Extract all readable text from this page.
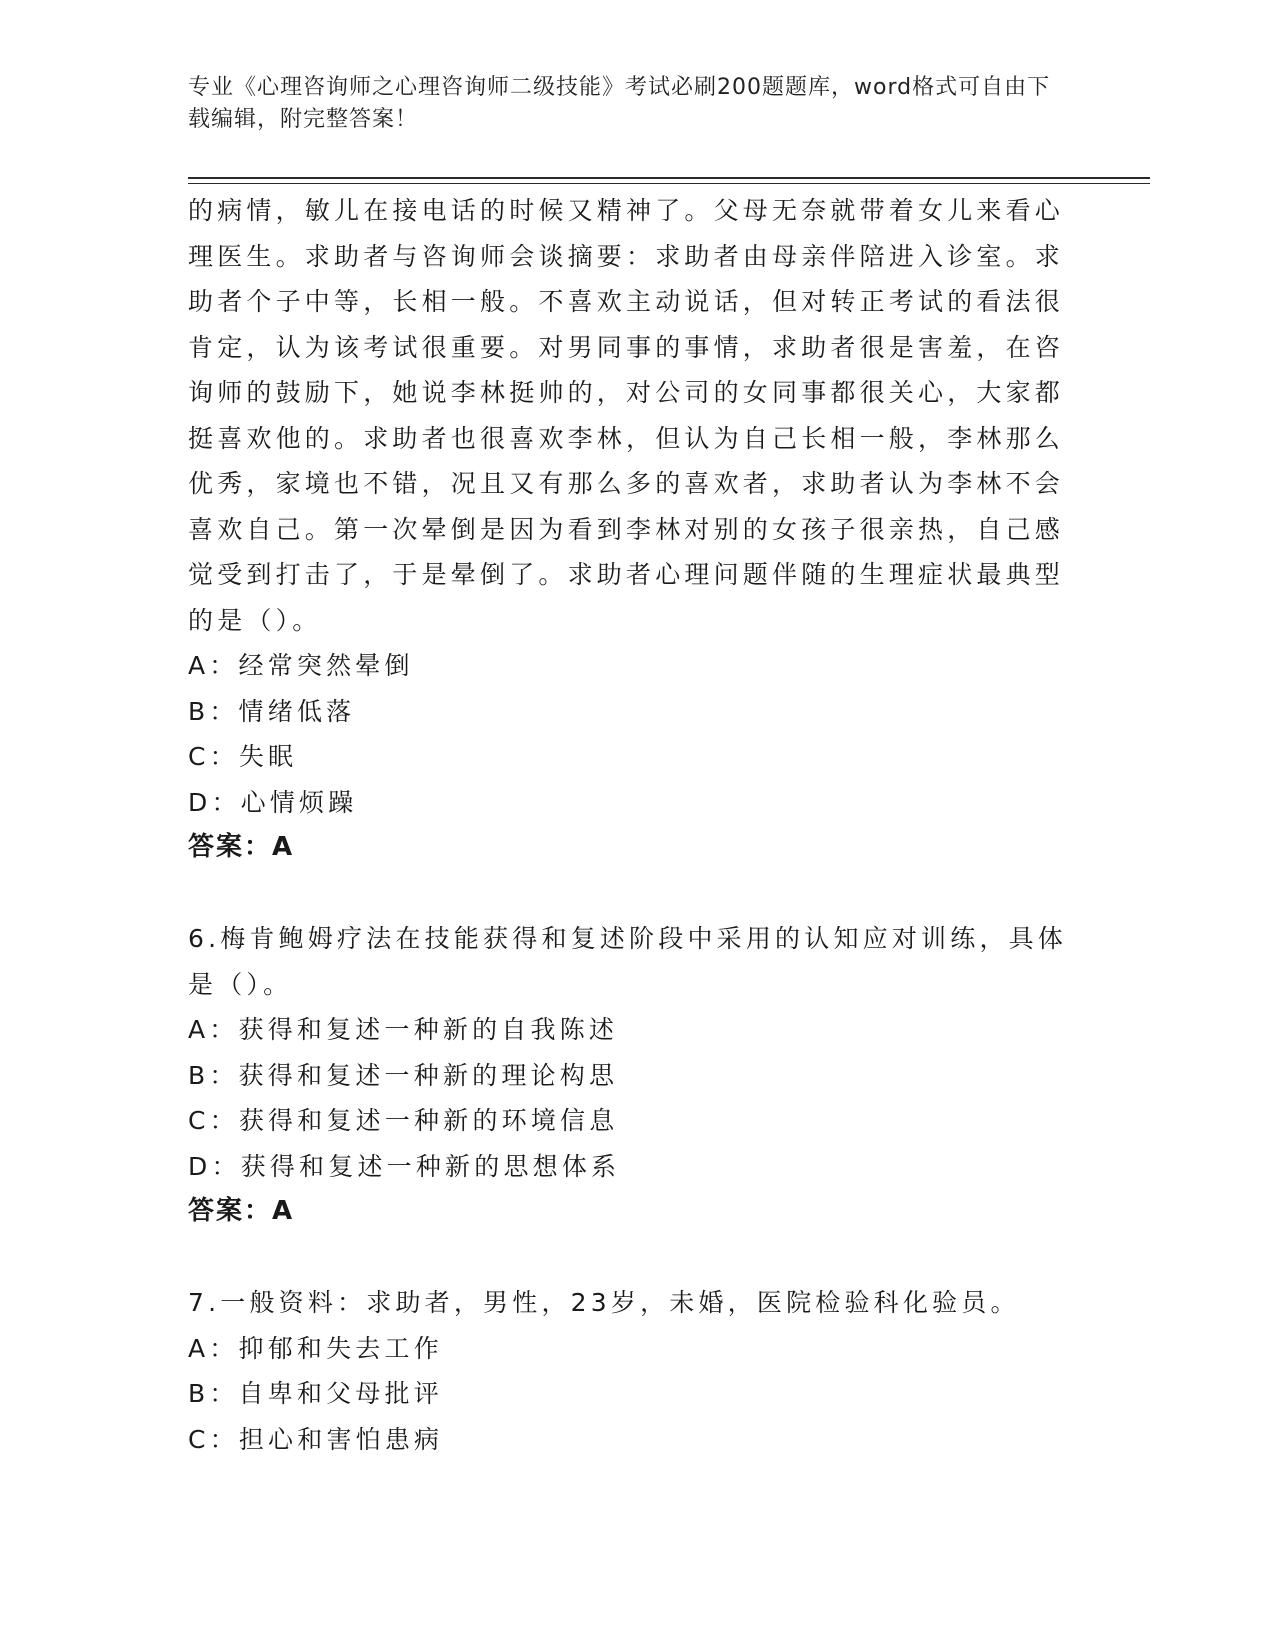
专业《心理咨询师之心理咨询师二级技能》考试必刷200题题库，word格式可自由下载编辑，附完整答案！

的病情，敏儿在接电话的时候又精神了。父母无奈就带着女儿来看心理医生。求助者与咨询师会谈摘要：求助者由母亲伴陪进入诊室。求助者个子中等，长相一般。不喜欢主动说话，但对转正考试的看法很肯定，认为该考试很重要。对男同事的事情，求助者很是害羞，在咨询师的鼓励下，她说李林挺帅的，对公司的女同事都很关心，大家都挺喜欢他的。求助者也很喜欢李林，但认为自己长相一般，李林那么优秀，家境也不错，况且又有那么多的喜欢者，求助者认为李林不会喜欢自己。第一次晕倒是因为看到李林对别的女孩子很亲热，自己感觉受到打击了，于是晕倒了。求助者心理问题伴随的生理症状最典型的是（）。

A：经常突然晕倒

B：情绪低落

C：失眠

D：心情烦躁

答案：A

6.梅肯鲍姆疗法在技能获得和复述阶段中采用的认知应对训练，具体是（）。

A：获得和复述一种新的自我陈述

B：获得和复述一种新的理论构思

C：获得和复述一种新的环境信息

D：获得和复述一种新的思想体系

答案：A

7.一般资料：求助者，男性，23岁，未婚，医院检验科化验员。

A：抑郁和失去工作

B：自卑和父母批评

C：担心和害怕患病
